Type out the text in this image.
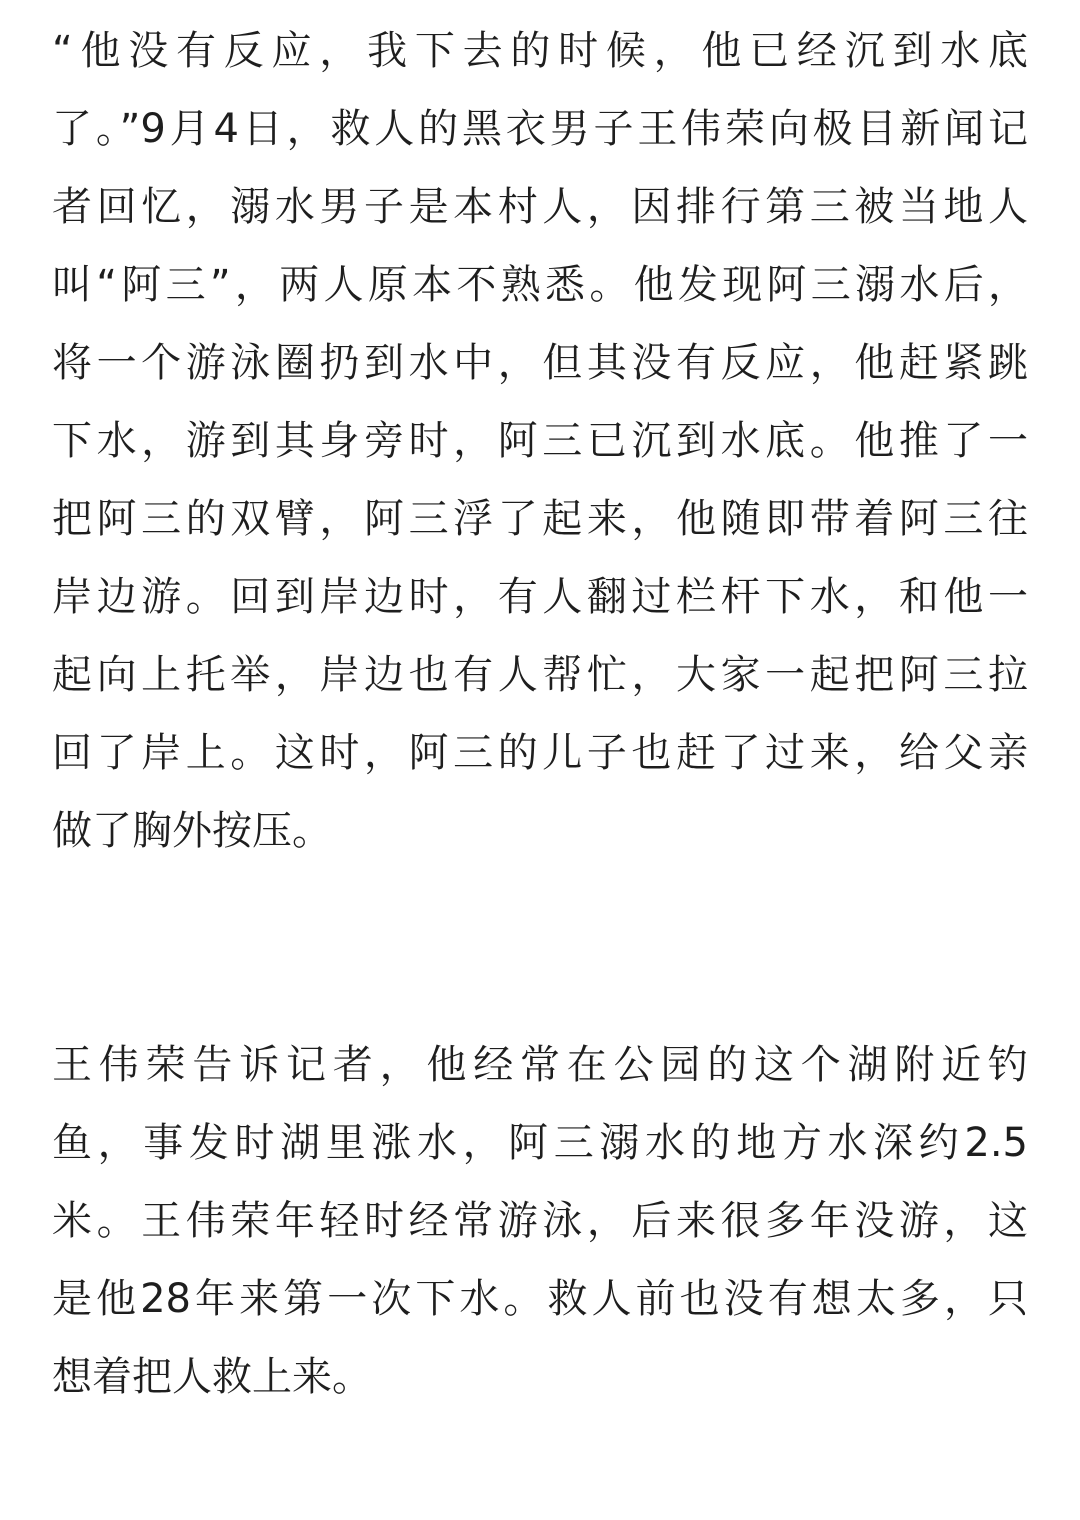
“他没有反应，我下去的时候，他已经沉到水底
了。”9月4日，救人的黑衣男子王伟荣向极目新闻记
者回忆，溺水男子是本村人，因排行第三被当地人
叫“阿三”，两人原本不熟悉。他发现阿三溺水后，
将一个游泳圈扔到水中，但其没有反应，他赶紧跳
下水，游到其身旁时，阿三已沉到水底。他推了一
把阿三的双臂，阿三浮了起来，他随即带着阿三往
岸边游。回到岸边时，有人翻过栏杆下水，和他一
起向上托举，岸边也有人帮忙，大家一起把阿三拉
回了岸上。这时，阿三的儿子也赶了过来，给父亲
做了胸外按压。
王伟荣告诉记者，他经常在公园的这个湖附近钓
鱼，事发时湖里涨水，阿三溺水的地方水深约2.5
米。王伟荣年轻时经常游泳，后来很多年没游，这
是他28年来第一次下水。救人前也没有想太多，只
想着把人救上来。
